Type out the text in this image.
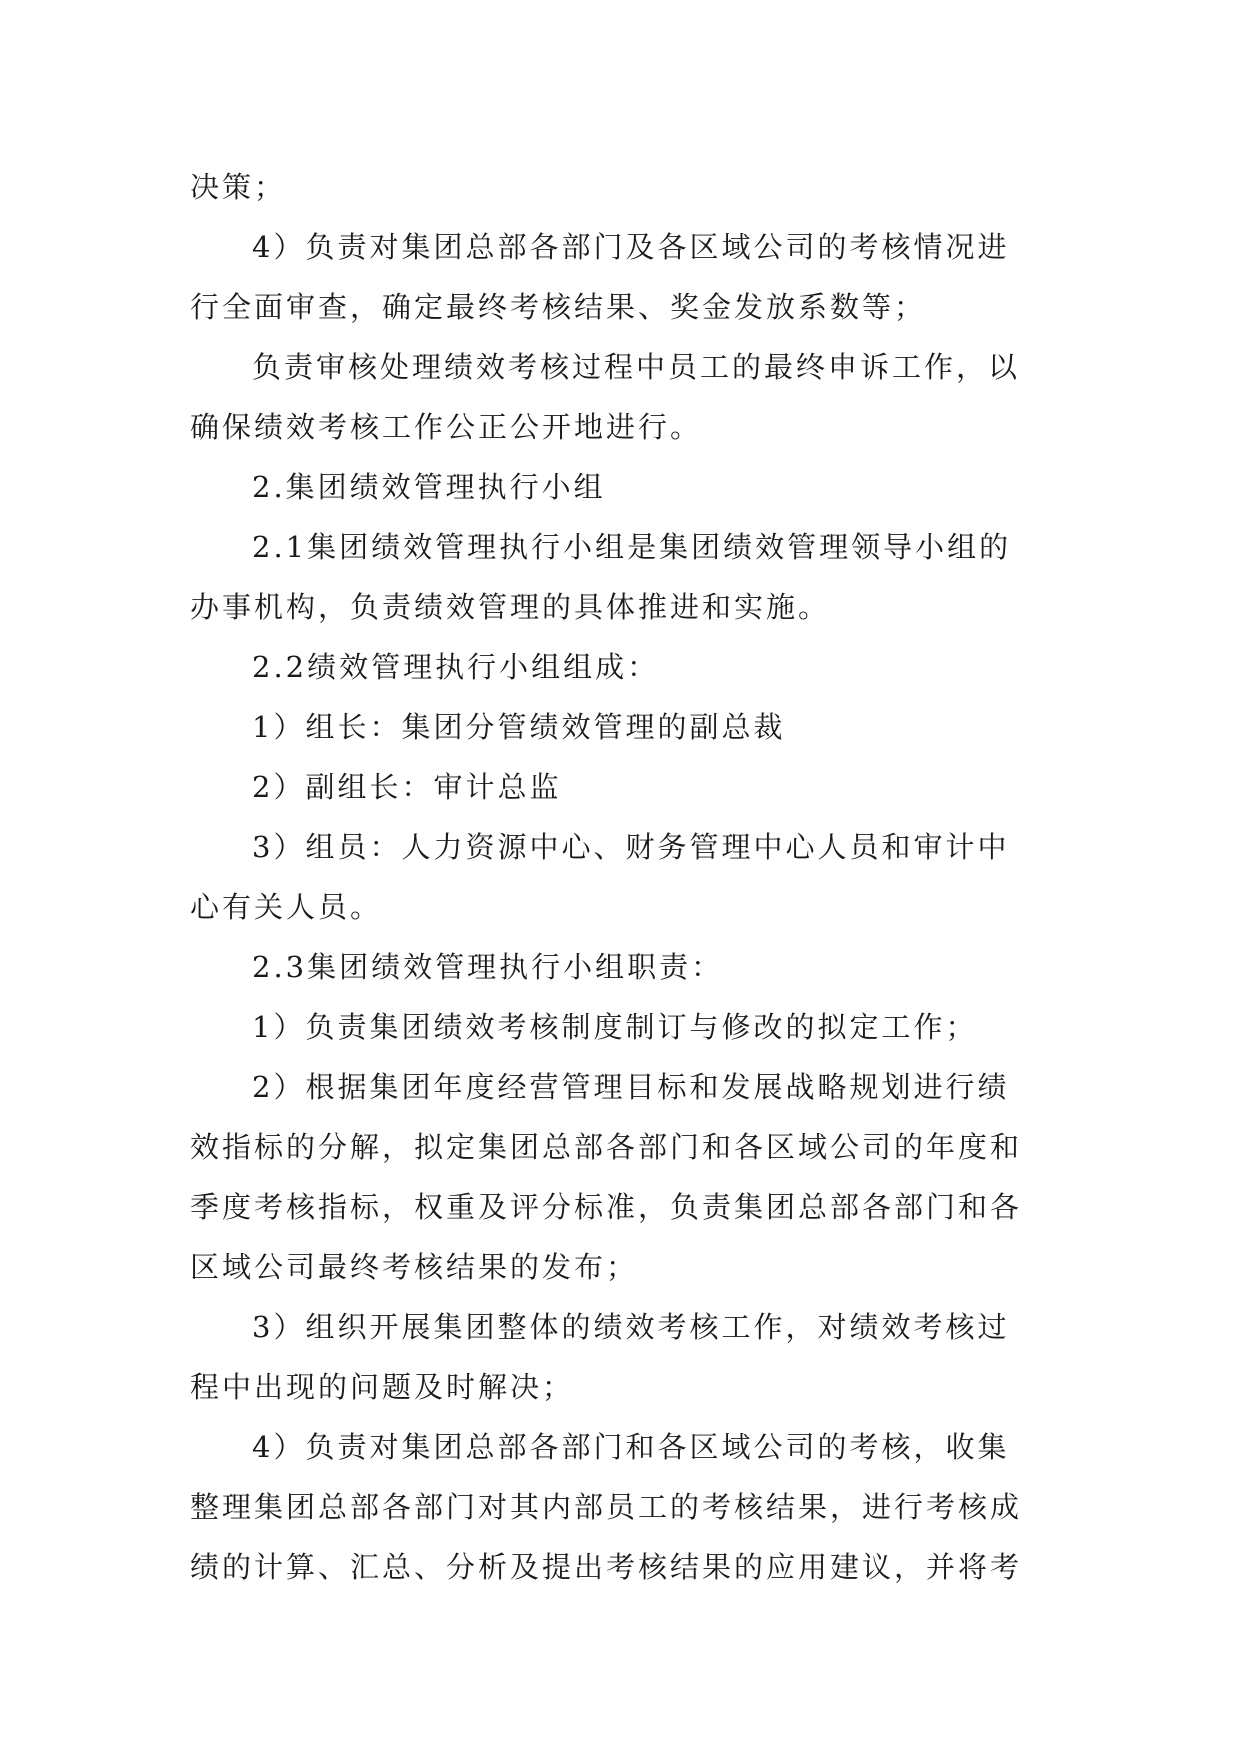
决策；
4）负责对集团总部各部门及各区域公司的考核情况进
行全面审查，确定最终考核结果、奖金发放系数等；
负责审核处理绩效考核过程中员工的最终申诉工作，以
确保绩效考核工作公正公开地进行。
2.集团绩效管理执行小组
2.1集团绩效管理执行小组是集团绩效管理领导小组的
办事机构，负责绩效管理的具体推进和实施。
2.2绩效管理执行小组组成：
1）组长：集团分管绩效管理的副总裁
2）副组长：审计总监
3）组员：人力资源中心、财务管理中心人员和审计中
心有关人员。
2.3集团绩效管理执行小组职责：
1）负责集团绩效考核制度制订与修改的拟定工作；
2）根据集团年度经营管理目标和发展战略规划进行绩
效指标的分解，拟定集团总部各部门和各区域公司的年度和
季度考核指标，权重及评分标准，负责集团总部各部门和各
区域公司最终考核结果的发布；
3）组织开展集团整体的绩效考核工作，对绩效考核过
程中出现的问题及时解决；
4）负责对集团总部各部门和各区域公司的考核，收集
整理集团总部各部门对其内部员工的考核结果，进行考核成
绩的计算、汇总、分析及提出考核结果的应用建议，并将考
